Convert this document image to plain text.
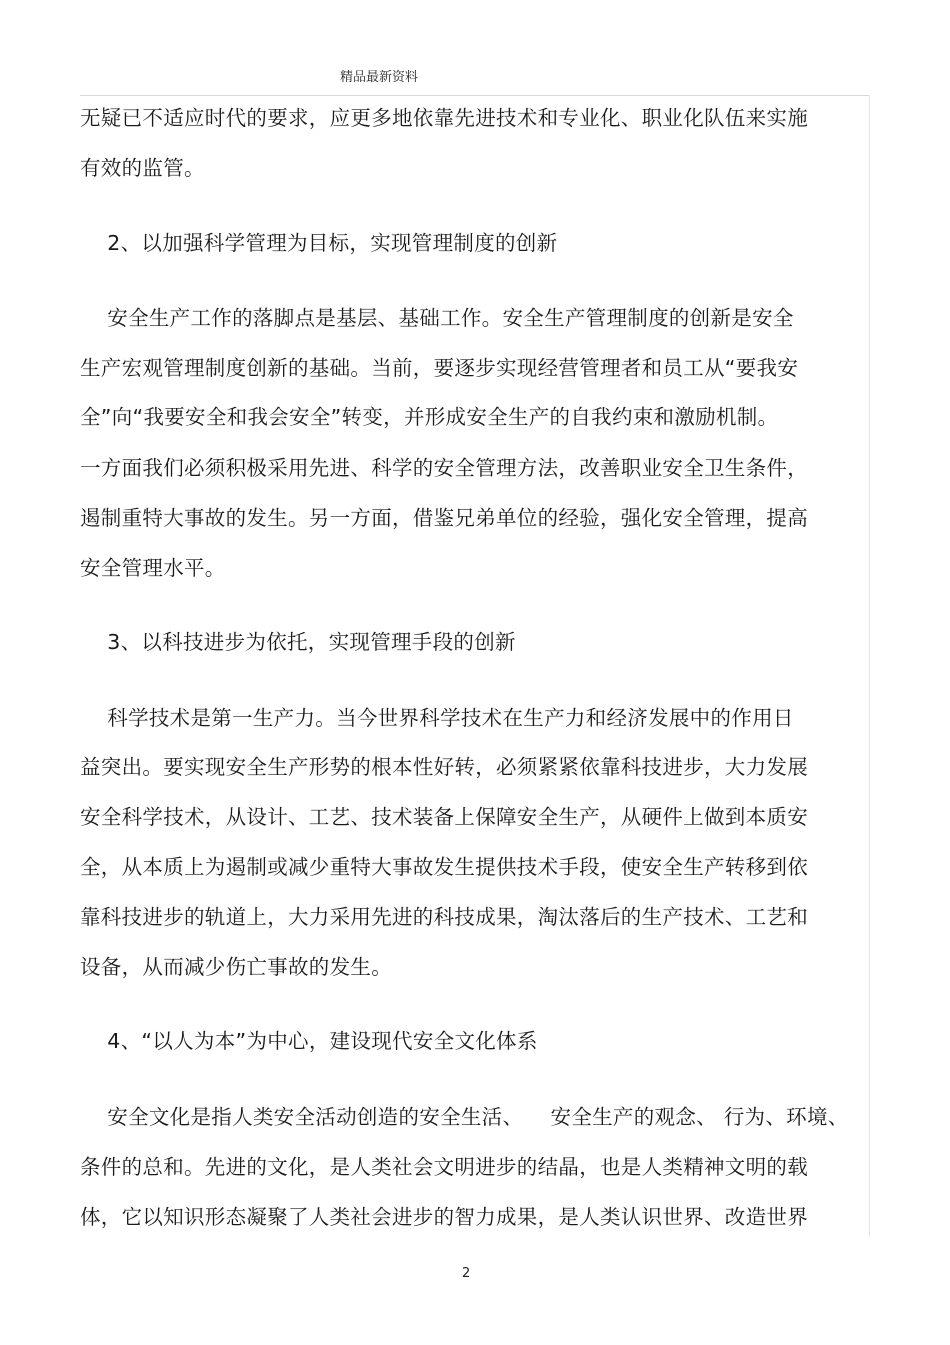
精品最新资料
无疑已不适应时代的要求，应更多地依靠先进技术和专业化、职业化队伍来实施
有效的监管。
2、以加强科学管理为目标，实现管理制度的创新
安全生产工作的落脚点是基层、基础工作。安全生产管理制度的创新是安全
生产宏观管理制度创新的基础。当前，要逐步实现经营管理者和员工从“要我安
全”向“我要安全和我会安全”转变，并形成安全生产的自我约束和激励机制。
一方面我们必须积极采用先进、科学的安全管理方法，改善职业安全卫生条件，
遏制重特大事故的发生。另一方面，借鉴兄弟单位的经验，强化安全管理，提高
安全管理水平。
3、以科技进步为依托，实现管理手段的创新
科学技术是第一生产力。当今世界科学技术在生产力和经济发展中的作用日
益突出。要实现安全生产形势的根本性好转，必须紧紧依靠科技进步，大力发展
安全科学技术，从设计、工艺、技术装备上保障安全生产，从硬件上做到本质安
全，从本质上为遏制或减少重特大事故发生提供技术手段，使安全生产转移到依
靠科技进步的轨道上，大力采用先进的科技成果，淘汰落后的生产技术、工艺和
设备，从而减少伤亡事故的发生。
4、“以人为本”为中心，建设现代安全文化体系
安全文化是指人类安全活动创造的安全生活、    安全生产的观念、 行为、环境、
条件的总和。先进的文化，是人类社会文明进步的结晶，也是人类精神文明的载
体，它以知识形态凝聚了人类社会进步的智力成果，是人类认识世界、改造世界
2
